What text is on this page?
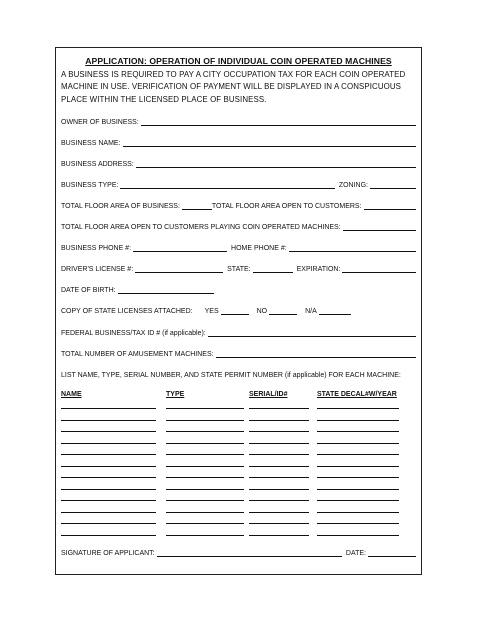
APPLICATION: OPERATION OF INDIVIDUAL COIN OPERATED MACHINES
A BUSINESS IS REQUIRED TO PAY A CITY OCCUPATION TAX FOR EACH COIN OPERATED MACHINE IN USE. VERIFICATION OF PAYMENT WILL BE DISPLAYED IN A CONSPICUOUS PLACE WITHIN THE LICENSED PLACE OF BUSINESS.
OWNER OF BUSINESS:
BUSINESS NAME:
BUSINESS ADDRESS:
BUSINESS TYPE:	ZONING:
TOTAL FLOOR AREA OF BUSINESS:	TOTAL FLOOR AREA OPEN TO CUSTOMERS:
TOTAL FLOOR AREA OPEN TO CUSTOMERS PLAYING COIN OPERATED MACHINES:
BUSINESS PHONE #:	HOME PHONE #:
DRIVER'S LICENSE #:	STATE:	EXPIRATION:
DATE OF BIRTH:
COPY OF STATE LICENSES ATTACHED: YES	NO	N/A
FEDERAL BUSINESS/TAX ID # (if applicable):
TOTAL NUMBER OF AMUSEMENT MACHINES:
LIST NAME, TYPE, SERIAL NUMBER, AND STATE PERMIT NUMBER (if applicable) FOR EACH MACHINE:
NAME	TYPE	SERIAL/ID#	STATE DECAL#W/YEAR
SIGNATURE OF APPLICANT:	DATE:
